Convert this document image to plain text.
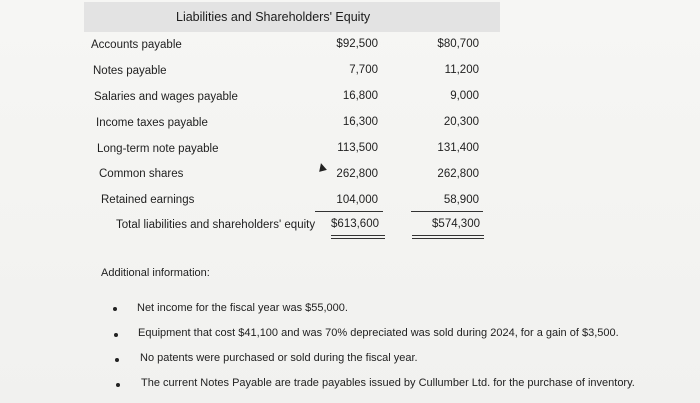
Liabilities and Shareholders' Equity
Accounts payable	$92,500	$80,700
Notes payable	7,700	11,200
Salaries and wages payable	16,800	9,000
Income taxes payable	16,300	20,300
Long-term note payable	113,500	131,400
Common shares	262,800	262,800
Retained earnings	104,000	58,900
Total liabilities and shareholders' equity	$613,600	$574,300
Additional information:
Net income for the fiscal year was $55,000.
Equipment that cost $41,100 and was 70% depreciated was sold during 2024, for a gain of $3,500.
No patents were purchased or sold during the fiscal year.
The current Notes Payable are trade payables issued by Cullumber Ltd. for the purchase of inventory.
